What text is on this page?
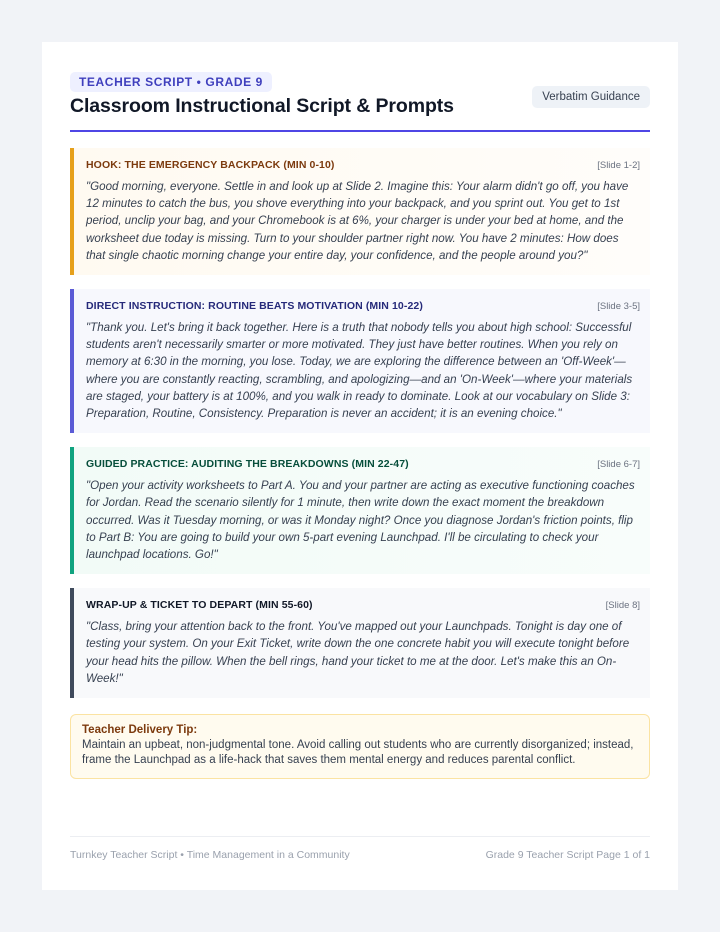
TEACHER SCRIPT • GRADE 9
Classroom Instructional Script & Prompts	Verbatim Guidance
HOOK: THE EMERGENCY BACKPACK (MIN 0-10)	[Slide 1-2]

"Good morning, everyone. Settle in and look up at Slide 2. Imagine this: Your alarm didn't go off, you have 12 minutes to catch the bus, you shove everything into your backpack, and you sprint out. You get to 1st period, unclip your bag, and your Chromebook is at 6%, your charger is under your bed at home, and the worksheet due today is missing. Turn to your shoulder partner right now. You have 2 minutes: How does that single chaotic morning change your entire day, your confidence, and the people around you?"

DIRECT INSTRUCTION: ROUTINE BEATS MOTIVATION (MIN 10-22)	[Slide 3-5]

"Thank you. Let's bring it back together. Here is a truth that nobody tells you about high school: Successful students aren't necessarily smarter or more motivated. They just have better routines. When you rely on memory at 6:30 in the morning, you lose. Today, we are exploring the difference between an 'Off-Week'—where you are constantly reacting, scrambling, and apologizing—and an 'On-Week'—where your materials are staged, your battery is at 100%, and you walk in ready to dominate. Look at our vocabulary on Slide 3: Preparation, Routine, Consistency. Preparation is never an accident; it is an evening choice."

GUIDED PRACTICE: AUDITING THE BREAKDOWNS (MIN 22-47)	[Slide 6-7]

"Open your activity worksheets to Part A. You and your partner are acting as executive functioning coaches for Jordan. Read the scenario silently for 1 minute, then write down the exact moment the breakdown occurred. Was it Tuesday morning, or was it Monday night? Once you diagnose Jordan's friction points, flip to Part B: You are going to build your own 5-part evening Launchpad. I'll be circulating to check your launchpad locations. Go!"

WRAP-UP & TICKET TO DEPART (MIN 55-60)	[Slide 8]

"Class, bring your attention back to the front. You've mapped out your Launchpads. Tonight is day one of testing your system. On your Exit Ticket, write down the one concrete habit you will execute tonight before your head hits the pillow. When the bell rings, hand your ticket to me at the door. Let's make this an On-Week!"

Teacher Delivery Tip:

Maintain an upbeat, non-judgmental tone. Avoid calling out students who are currently disorganized; instead, frame the Launchpad as a life-hack that saves them mental energy and reduces parental conflict.

Turnkey Teacher Script • Time Management in a Community	Grade 9 Teacher Script Page 1 of 1
